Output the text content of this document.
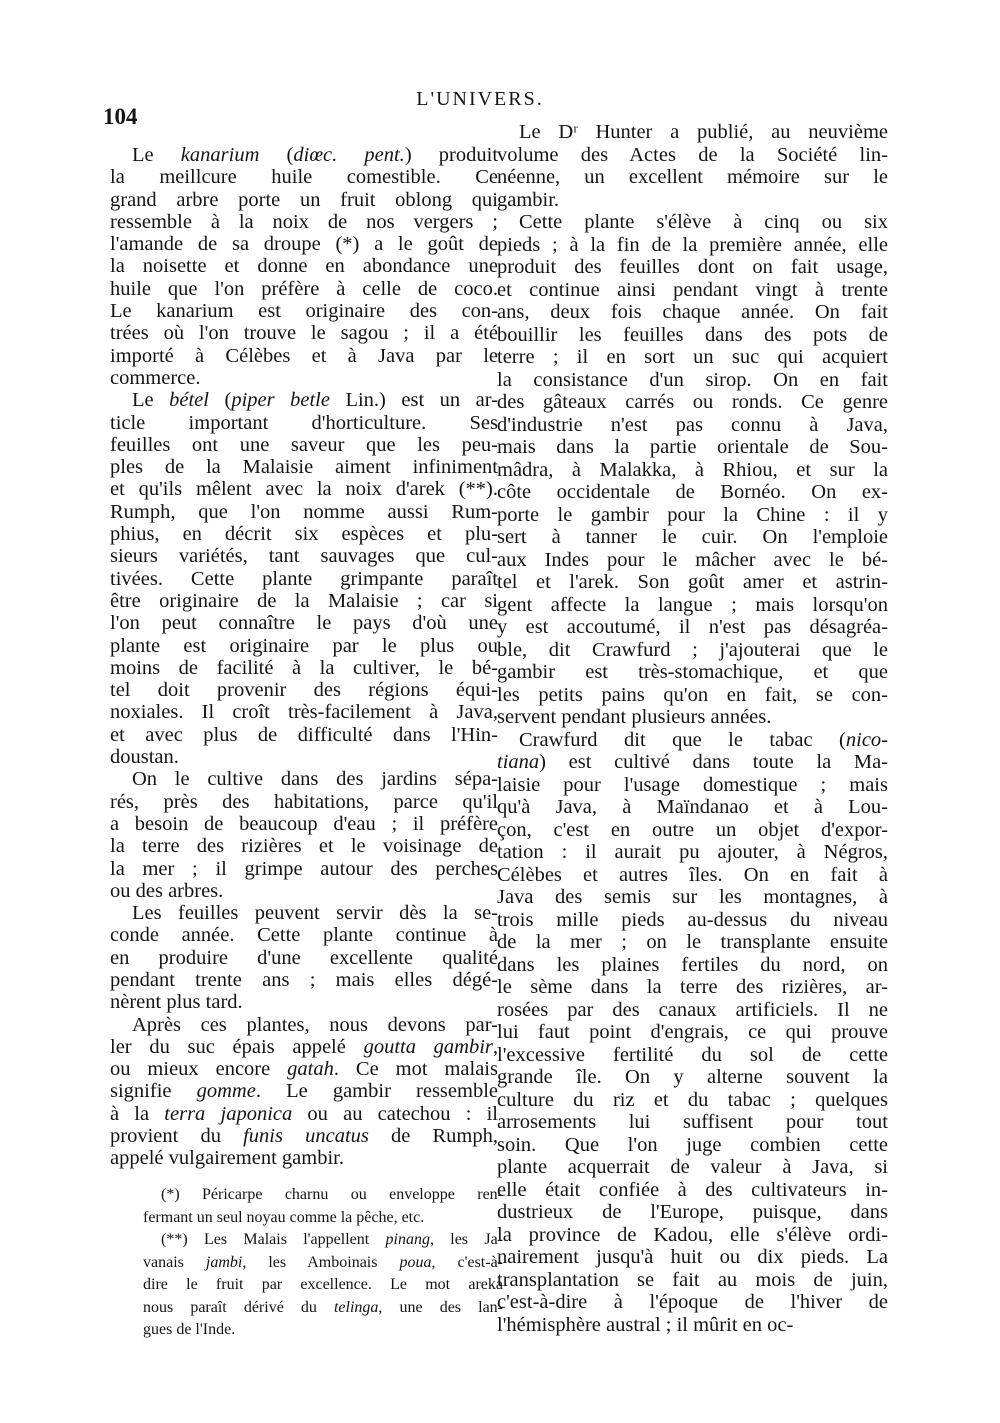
104
L'UNIVERS.
Le kanarium (diœc. pent.) produit
la meillcure huile comestible. Ce
grand arbre porte un fruit oblong qui
ressemble à la noix de nos vergers ;
l'amande de sa droupe (*) a le goût de
la noisette et donne en abondance une
huile que l'on préfère à celle de coco.
Le kanarium est originaire des con-
trées où l'on trouve le sagou ; il a été
importé à Célèbes et à Java par le
commerce.
Le bétel (piper betle Lin.) est un ar-
ticle important d'horticulture. Ses
feuilles ont une saveur que les peu-
ples de la Malaisie aiment infiniment
et qu'ils mêlent avec la noix d'arek (**).
Rumph, que l'on nomme aussi Rum-
phius, en décrit six espèces et plu-
sieurs variétés, tant sauvages que cul-
tivées. Cette plante grimpante paraît
être originaire de la Malaisie ; car si
l'on peut connaître le pays d'où une
plante est originaire par le plus ou
moins de facilité à la cultiver, le bé-
tel doit provenir des régions équi-
noxiales. Il croît très-facilement à Java,
et avec plus de difficulté dans l'Hin-
doustan.
On le cultive dans des jardins sépa-
rés, près des habitations, parce qu'il
a besoin de beaucoup d'eau ; il préfère
la terre des rizières et le voisinage de
la mer ; il grimpe autour des perches
ou des arbres.
Les feuilles peuvent servir dès la se-
conde année. Cette plante continue à
en produire d'une excellente qualité
pendant trente ans ; mais elles dégé-
nèrent plus tard.
Après ces plantes, nous devons par-
ler du suc épais appelé goutta gambir,
ou mieux encore gatah. Ce mot malais
signifie gomme. Le gambir ressemble
à la terra japonica ou au catechou : il
provient du funis uncatus de Rumph,
appelé vulgairement gambir.
Le Dʳ Hunter a publié, au neuvième
volume des Actes de la Société lin-
néenne, un excellent mémoire sur le
gambir.
Cette plante s'élève à cinq ou six
pieds ; à la fin de la première année, elle
produit des feuilles dont on fait usage,
et continue ainsi pendant vingt à trente
ans, deux fois chaque année. On fait
bouillir les feuilles dans des pots de
terre ; il en sort un suc qui acquiert
la consistance d'un sirop. On en fait
des gâteaux carrés ou ronds. Ce genre
d'industrie n'est pas connu à Java,
mais dans la partie orientale de Sou-
mâdra, à Malakka, à Rhiou, et sur la
côte occidentale de Bornéo. On ex-
porte le gambir pour la Chine : il y
sert à tanner le cuir. On l'emploie
aux Indes pour le mâcher avec le bé-
tel et l'arek. Son goût amer et astrin-
gent affecte la langue ; mais lorsqu'on
y est accoutumé, il n'est pas désagréa-
ble, dit Crawfurd ; j'ajouterai que le
gambir est très-stomachique, et que
les petits pains qu'on en fait, se con-
servent pendant plusieurs années.
Crawfurd dit que le tabac (nico-
tiana) est cultivé dans toute la Ma-
laisie pour l'usage domestique ; mais
qu'à Java, à Maïndanao et à Lou-
çon, c'est en outre un objet d'expor-
tation : il aurait pu ajouter, à Négros,
Célèbes et autres îles. On en fait à
Java des semis sur les montagnes, à
trois mille pieds au-dessus du niveau
de la mer ; on le transplante ensuite
dans les plaines fertiles du nord, on
le sème dans la terre des rizières, ar-
rosées par des canaux artificiels. Il ne
lui faut point d'engrais, ce qui prouve
l'excessive fertilité du sol de cette
grande île. On y alterne souvent la
culture du riz et du tabac ; quelques
arrosements lui suffisent pour tout
soin. Que l'on juge combien cette
plante acquerrait de valeur à Java, si
elle était confiée à des cultivateurs in-
dustrieux de l'Europe, puisque, dans
la province de Kadou, elle s'élève ordi-
nairement jusqu'à huit ou dix pieds. La
transplantation se fait au mois de juin,
c'est-à-dire à l'époque de l'hiver de
l'hémisphère austral ; il mûrit en oc-
(*) Péricarpe charnu ou enveloppe ren-
fermant un seul noyau comme la pêche, etc.
(**) Les Malais l'appellent pinang, les Ja-
vanais jambi, les Amboinais poua, c'est-à-
dire le fruit par excellence. Le mot areka
nous paraît dérivé du telinga, une des lan-
gues de l'Inde.
